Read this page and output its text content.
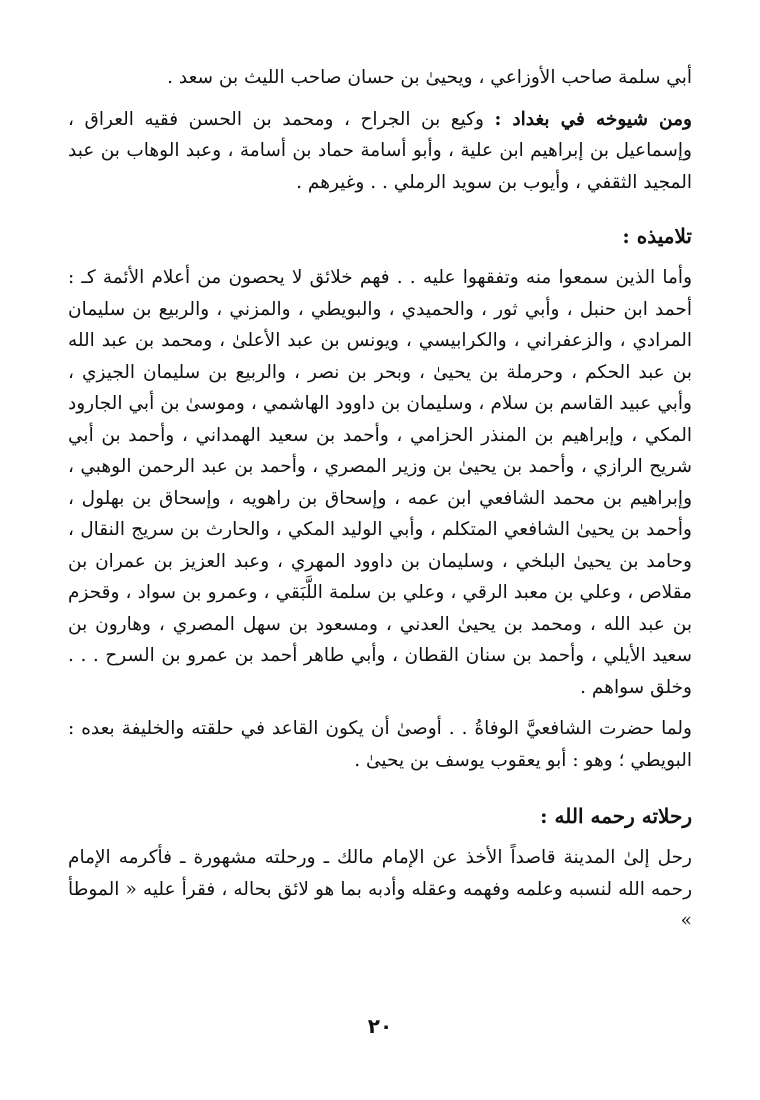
أبي سلمة صاحب الأوزاعي ، ويحيىٰ بن حسان صاحب الليث بن سعد .

ومن شيوخه في بغداد : وكيع بن الجراح ، ومحمد بن الحسن فقيه العراق ، وإسماعيل بن إبراهيم ابن علية ، وأبو أسامة حماد بن أسامة ، وعبد الوهاب بن عبد المجيد الثقفي ، وأيوب بن سويد الرملي . . وغيرهم .

تلاميذه :

وأما الذين سمعوا منه وتفقهوا عليه . . فهم خلائق لا يحصون من أعلام الأئمة كـ : أحمد ابن حنبل ، وأبي ثور ، والحميدي ، والبويطي ، والمزني ، والربيع بن سليمان المرادي ، والزعفراني ، والكرابيسي ، ويونس بن عبد الأعلىٰ ، ومحمد بن عبد الله بن عبد الحكم ، وحرملة بن يحيىٰ ، وبحر بن نصر ، والربيع بن سليمان الجيزي ، وأبي عبيد القاسم بن سلام ، وسليمان بن داوود الهاشمي ، وموسىٰ بن أبي الجارود المكي ، وإبراهيم بن المنذر الحزامي ، وأحمد بن سعيد الهمداني ، وأحمد بن أبي شريح الرازي ، وأحمد بن يحيىٰ بن وزير المصري ، وأحمد بن عبد الرحمن الوهبي ، وإبراهيم بن محمد الشافعي ابن عمه ، وإسحاق بن راهويه ، وإسحاق بن بهلول ، وأحمد بن يحيىٰ الشافعي المتكلم ، وأبي الوليد المكي ، والحارث بن سريج النقال ، وحامد بن يحيىٰ البلخي ، وسليمان بن داوود المهري ، وعبد العزيز بن عمران بن مقلاص ، وعلي بن معبد الرقي ، وعلي بن سلمة اللَّبَقي ، وعمرو بن سواد ، وقحزم بن عبد الله ، ومحمد بن يحيىٰ العدني ، ومسعود بن سهل المصري ، وهارون بن سعيد الأيلي ، وأحمد بن سنان القطان ، وأبي طاهر أحمد بن عمرو بن السرح . . . وخلق سواهم .

ولما حضرت الشافعيَّ الوفاةُ . . أوصىٰ أن يكون القاعد في حلقته والخليفة بعده : البويطي ؛ وهو : أبو يعقوب يوسف بن يحيىٰ .

رحلاته رحمه الله :

رحل إلىٰ المدينة قاصداً الأخذ عن الإمام مالك ـ ورحلته مشهورة ـ فأكرمه الإمام رحمه الله لنسبه وعلمه وفهمه وعقله وأدبه بما هو لائق بحاله ، فقرأ عليه « الموطأ »

٢٠
